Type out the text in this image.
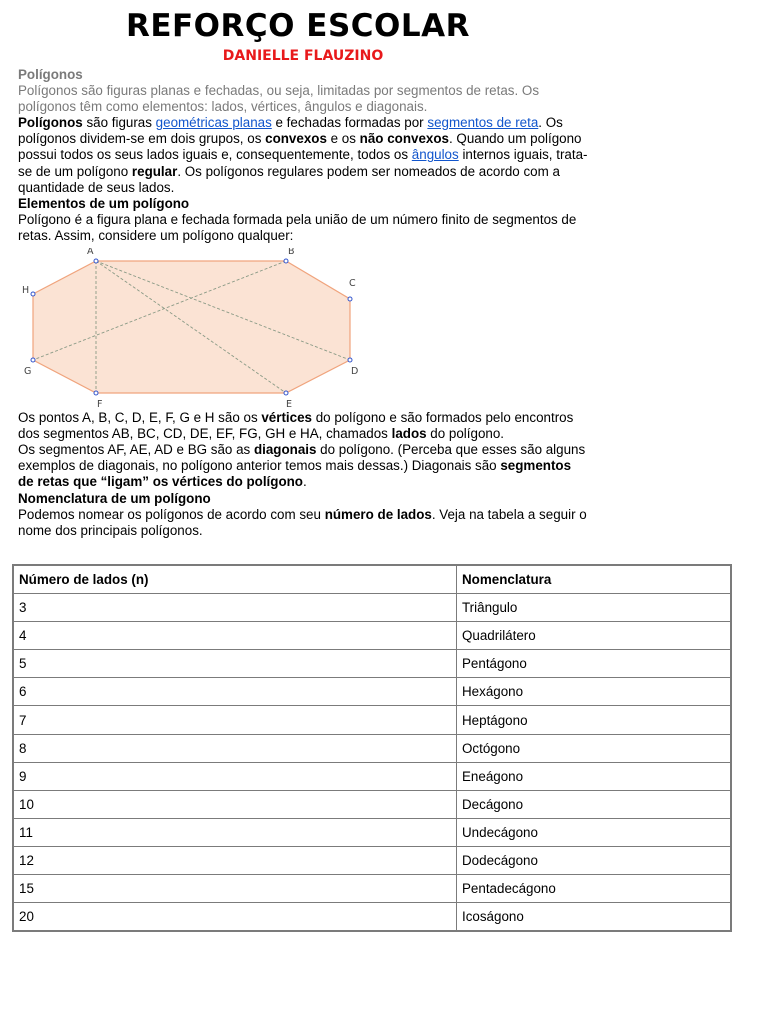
REFORÇO ESCOLAR
DANIELLE FLAUZINO

Polígonos

Polígonos são figuras planas e fechadas, ou seja, limitadas por segmentos de retas. Os polígonos têm como elementos: lados, vértices, ângulos e diagonais.

Polígonos são figuras geométricas planas e fechadas formadas por segmentos de reta. Os polígonos dividem-se em dois grupos, os convexos e os não convexos. Quando um polígono possui todos os seus lados iguais e, consequentemente, todos os ângulos internos iguais, trata-se de um polígono regular. Os polígonos regulares podem ser nomeados de acordo com a quantidade de seus lados.

Elementos de um polígono

Polígono é a figura plana e fechada formada pela união de um número finito de segmentos de retas. Assim, considere um polígono qualquer:

A	B
C
D
E
F
G
H

Os pontos A, B, C, D, E, F, G e H são os vértices do polígono e são formados pelo encontros dos segmentos AB, BC, CD, DE, EF, FG, GH e HA, chamados lados do polígono.

Os segmentos AF, AE, AD e BG são as diagonais do polígono. (Perceba que esses são alguns exemplos de diagonais, no polígono anterior temos mais dessas.) Diagonais são segmentos de retas que “ligam” os vértices do polígono.

Nomenclatura de um polígono

Podemos nomear os polígonos de acordo com seu número de lados. Veja na tabela a seguir o nome dos principais polígonos.

Número de lados (n)	Nomenclatura
3	Triângulo
4	Quadrilátero
5	Pentágono
6	Hexágono
7	Heptágono
8	Octógono
9	Eneágono
10	Decágono
11	Undecágono
12	Dodecágono
15	Pentadecágono
20	Icoságono
